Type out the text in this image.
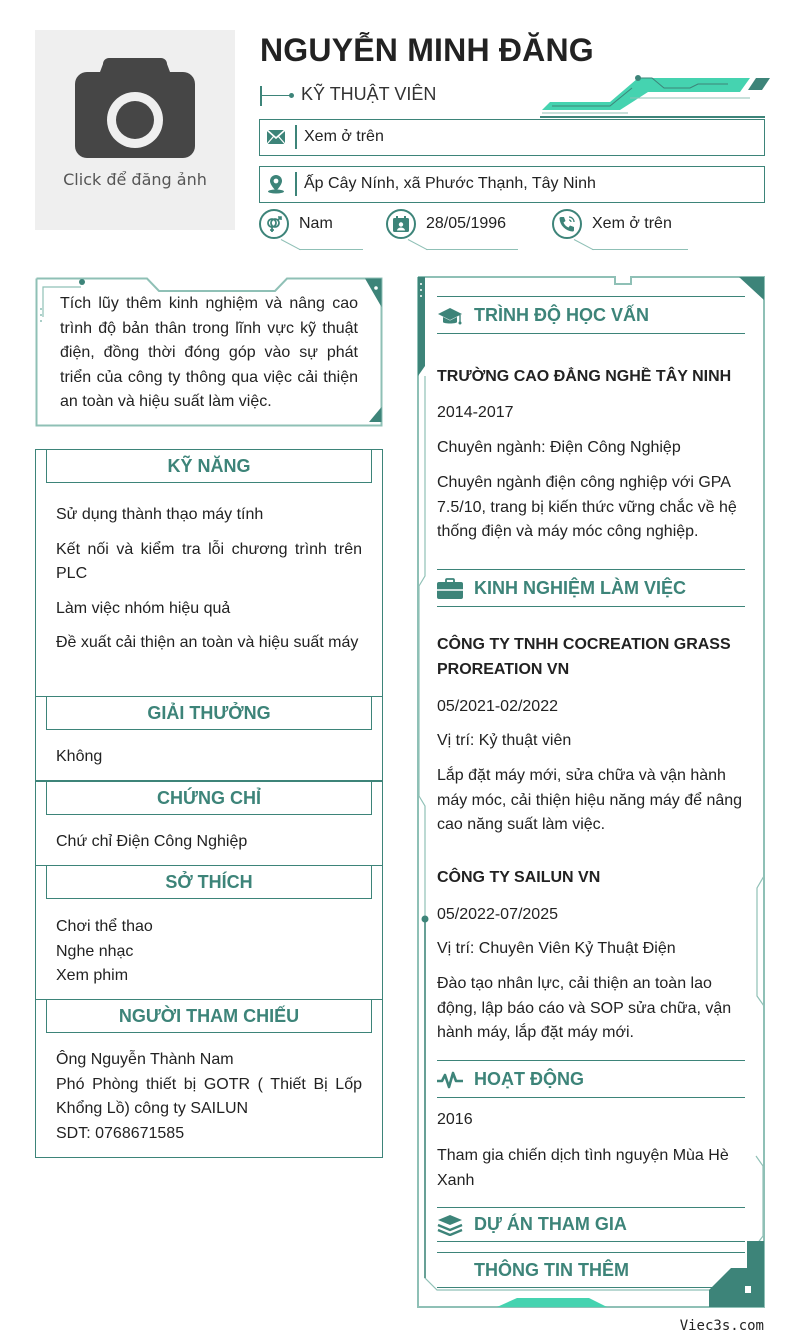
Click để đăng ảnh
NGUYỄN MINH ĐĂNG
KỸ THUẬT VIÊN
Xem ở trên
Ấp Cây Nính, xã Phước Thạnh, Tây Ninh
Nam	28/05/1996	Xem ở trên
Tích lũy thêm kinh nghiệm và nâng cao trình độ bản thân trong lĩnh vực kỹ thuật điện, đồng thời đóng góp vào sự phát triển của công ty thông qua việc cải thiện an toàn và hiệu suất làm việc.
KỸ NĂNG
Sử dụng thành thạo máy tính
Kết nối và kiểm tra lỗi chương trình trên PLC
Làm việc nhóm hiệu quả
Đề xuất cải thiện an toàn và hiệu suất máy
GIẢI THƯỞNG
Không
CHỨNG CHỈ
Chứ chỉ Điện Công Nghiệp
SỞ THÍCH
Chơi thể thao
Nghe nhạc
Xem phim
NGƯỜI THAM CHIẾU
Ông Nguyễn Thành Nam
Phó Phòng thiết bị GOTR ( Thiết Bị Lốp Khổng Lồ) công ty SAILUN
SDT: 0768671585
TRÌNH ĐỘ HỌC VẤN
TRƯỜNG CAO ĐẲNG NGHỀ TÂY NINH
2014-2017
Chuyên ngành: Điện Công Nghiệp
Chuyên ngành điện công nghiệp với GPA 7.5/10, trang bị kiến thức vững chắc về hệ thống điện và máy móc công nghiệp.
KINH NGHIỆM LÀM VIỆC
CÔNG TY TNHH COCREATION GRASS PROREATION VN
05/2021-02/2022
Vị trí: Kỷ thuật viên
Lắp đặt máy mới, sửa chữa và vận hành máy móc, cải thiện hiệu năng máy để nâng cao năng suất làm việc.
CÔNG TY SAILUN VN
05/2022-07/2025
Vị trí: Chuyên Viên Kỷ Thuật Điện
Đào tạo nhân lực, cải thiện an toàn lao động, lập báo cáo và SOP sửa chữa, vận hành máy, lắp đặt máy mới.
HOẠT ĐỘNG
2016
Tham gia chiến dịch tình nguyện Mùa Hè Xanh
DỰ ÁN THAM GIA
THÔNG TIN THÊM
Viec3s.com
